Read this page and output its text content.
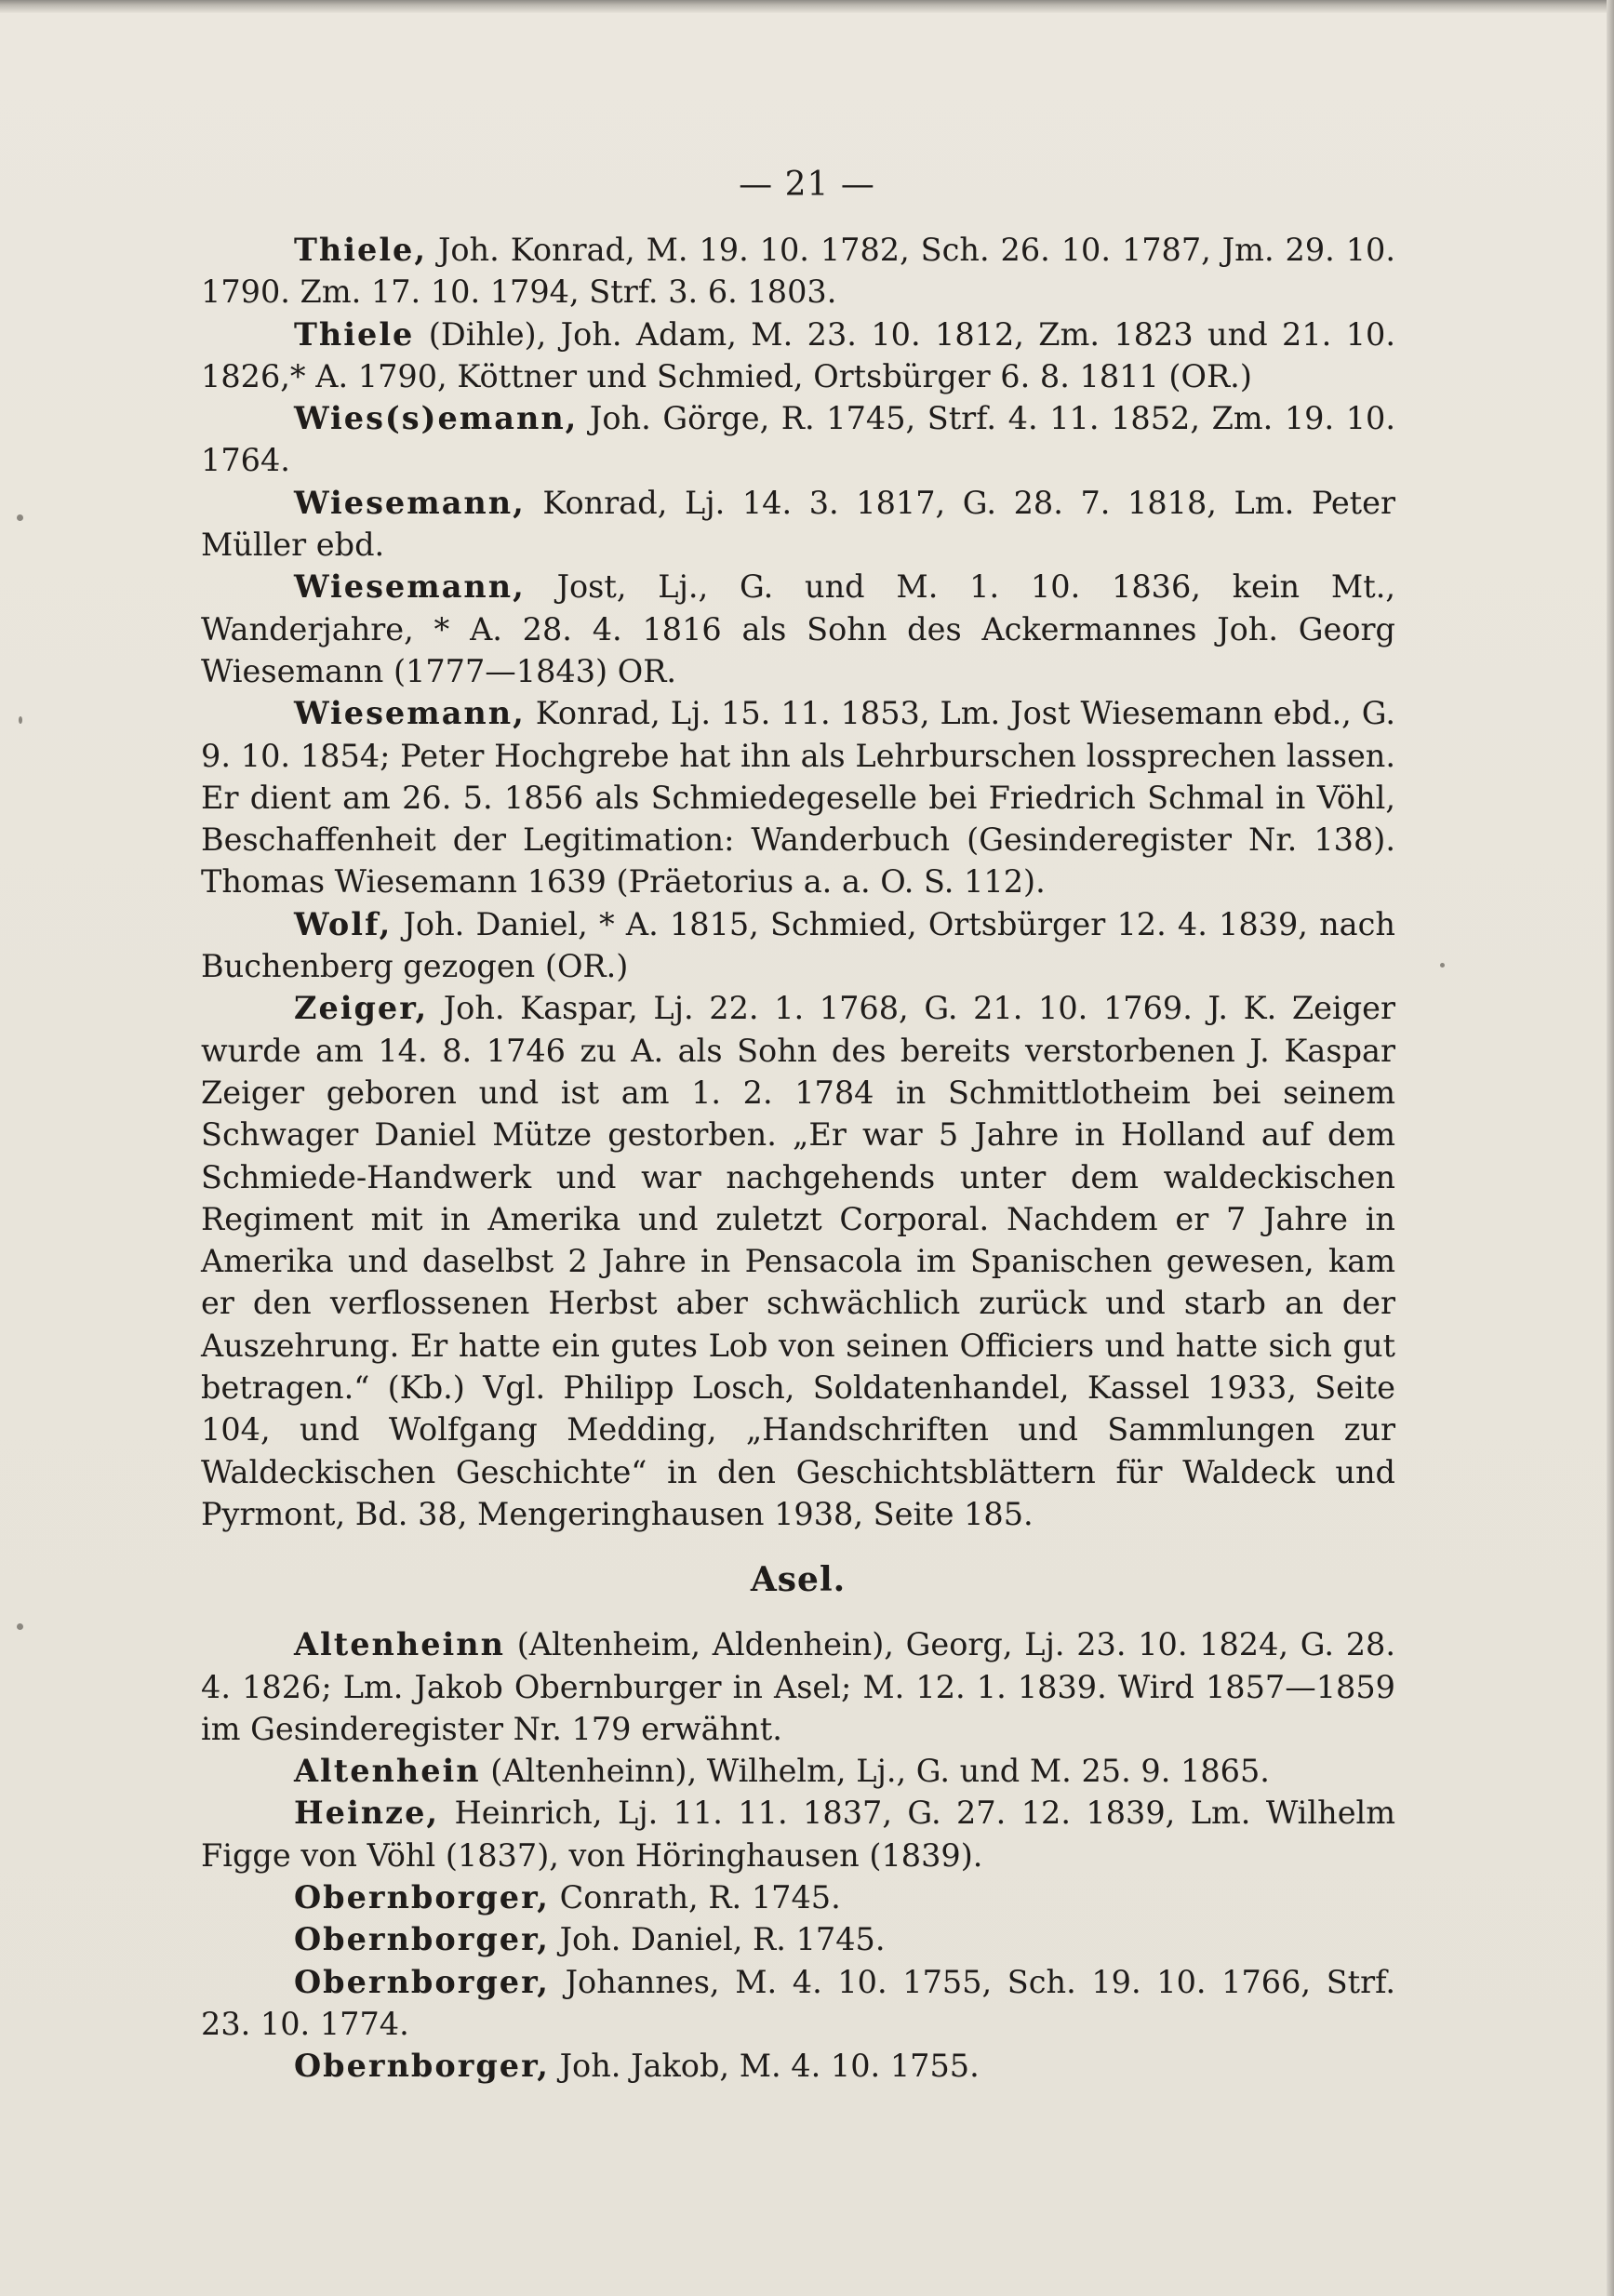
— 21 —

Thiele, Joh. Konrad, M. 19. 10. 1782, Sch. 26. 10. 1787, Jm. 29. 10. 1790. Zm. 17. 10. 1794, Strf. 3. 6. 1803.

Thiele (Dihle), Joh. Adam, M. 23. 10. 1812, Zm. 1823 und 21. 10. 1826,* A. 1790, Köttner und Schmied, Ortsbürger 6. 8. 1811 (OR.)

Wies(s)emann, Joh. Görge, R. 1745, Strf. 4. 11. 1852, Zm. 19. 10. 1764.

Wiesemann, Konrad, Lj. 14. 3. 1817, G. 28. 7. 1818, Lm. Peter Müller ebd.

Wiesemann, Jost, Lj., G. und M. 1. 10. 1836, kein Mt., Wanderjahre, * A. 28. 4. 1816 als Sohn des Ackermannes Joh. Georg Wiesemann (1777—1843) OR.

Wiesemann, Konrad, Lj. 15. 11. 1853, Lm. Jost Wiesemann ebd., G. 9. 10. 1854; Peter Hochgrebe hat ihn als Lehrburschen lossprechen lassen. Er dient am 26. 5. 1856 als Schmiedegeselle bei Friedrich Schmal in Vöhl, Beschaffenheit der Legitimation: Wanderbuch (Gesinderegister Nr. 138). Thomas Wiesemann 1639 (Präetorius a. a. O. S. 112).

Wolf, Joh. Daniel, * A. 1815, Schmied, Ortsbürger 12. 4. 1839, nach Buchenberg gezogen (OR.)

Zeiger, Joh. Kaspar, Lj. 22. 1. 1768, G. 21. 10. 1769. J. K. Zeiger wurde am 14. 8. 1746 zu A. als Sohn des bereits verstorbenen J. Kaspar Zeiger geboren und ist am 1. 2. 1784 in Schmittlotheim bei seinem Schwager Daniel Mütze gestorben. „Er war 5 Jahre in Holland auf dem Schmiede-Handwerk und war nachgehends unter dem waldeckischen Regiment mit in Amerika und zuletzt Corporal. Nachdem er 7 Jahre in Amerika und daselbst 2 Jahre in Pensacola im Spanischen gewesen, kam er den verflossenen Herbst aber schwächlich zurück und starb an der Auszehrung. Er hatte ein gutes Lob von seinen Officiers und hatte sich gut betragen.“ (Kb.) Vgl. Philipp Losch, Soldatenhandel, Kassel 1933, Seite 104, und Wolfgang Medding, „Handschriften und Sammlungen zur Waldeckischen Geschichte“ in den Geschichtsblättern für Waldeck und Pyrmont, Bd. 38, Mengeringhausen 1938, Seite 185.

Asel.

Altenheinn (Altenheim, Aldenhein), Georg, Lj. 23. 10. 1824, G. 28. 4. 1826; Lm. Jakob Obernburger in Asel; M. 12. 1. 1839. Wird 1857—1859 im Gesinderegister Nr. 179 erwähnt.

Altenhein (Altenheinn), Wilhelm, Lj., G. und M. 25. 9. 1865.

Heinze, Heinrich, Lj. 11. 11. 1837, G. 27. 12. 1839, Lm. Wilhelm Figge von Vöhl (1837), von Höringhausen (1839).

Obernborger, Conrath, R. 1745.

Obernborger, Joh. Daniel, R. 1745.

Obernborger, Johannes, M. 4. 10. 1755, Sch. 19. 10. 1766, Strf. 23. 10. 1774.

Obernborger, Joh. Jakob, M. 4. 10. 1755.
